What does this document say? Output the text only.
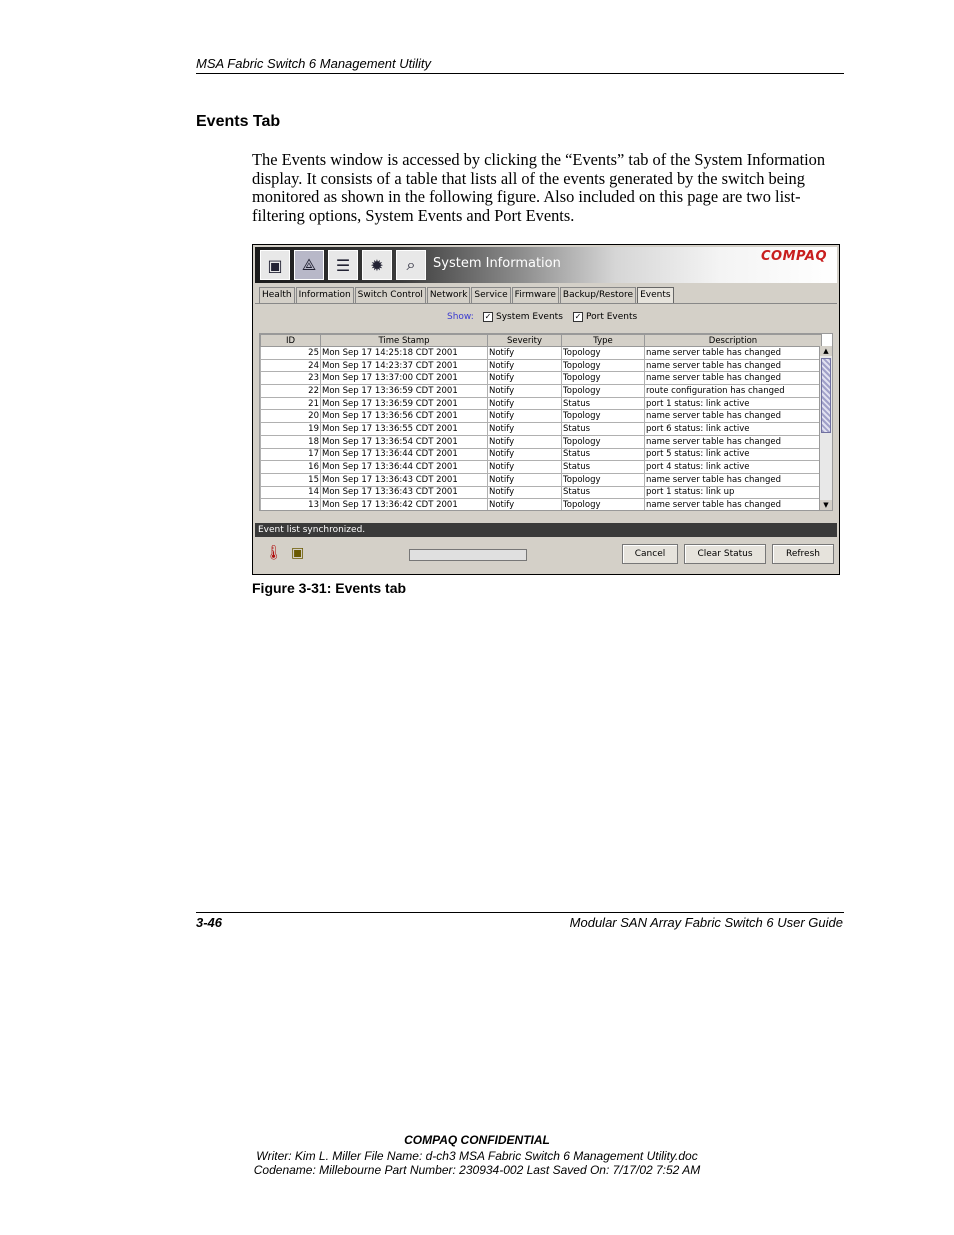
MSA Fabric Switch 6 Management Utility
Events Tab
The Events window is accessed by clicking the “Events” tab of the System Information display. It consists of a table that lists all of the events generated by the switch being monitored as shown in the following figure. Also included on this page are two list-filtering options, System Events and Port Events.
▣	⟁	☰	✹	⌕	System Information	COMPAQ
Health Information Switch Control Network Service Firmware Backup/Restore Events
Show: ✓ System Events ✓ Port Events
ID	Time Stamp	Severity	Type	Description
25	Mon Sep 17 14:25:18 CDT 2001	Notify	Topology	name server table has changed
24	Mon Sep 17 14:23:37 CDT 2001	Notify	Topology	name server table has changed
23	Mon Sep 17 13:37:00 CDT 2001	Notify	Topology	name server table has changed
22	Mon Sep 17 13:36:59 CDT 2001	Notify	Topology	route configuration has changed
21	Mon Sep 17 13:36:59 CDT 2001	Notify	Status	port 1 status: link active
20	Mon Sep 17 13:36:56 CDT 2001	Notify	Topology	name server table has changed
19	Mon Sep 17 13:36:55 CDT 2001	Notify	Status	port 6 status: link active
18	Mon Sep 17 13:36:54 CDT 2001	Notify	Topology	name server table has changed
17	Mon Sep 17 13:36:44 CDT 2001	Notify	Status	port 5 status: link active
16	Mon Sep 17 13:36:44 CDT 2001	Notify	Status	port 4 status: link active
15	Mon Sep 17 13:36:43 CDT 2001	Notify	Topology	name server table has changed
14	Mon Sep 17 13:36:43 CDT 2001	Notify	Status	port 1 status: link up
13	Mon Sep 17 13:36:42 CDT 2001	Notify	Topology	name server table has changed
▲
▼
Event list synchronized.
🌡︎ ▣	Cancel	Clear Status	Refresh
Figure 3-31: Events tab
3-46	Modular SAN Array Fabric Switch 6 User Guide
COMPAQ CONFIDENTIAL
Writer: Kim L. Miller File Name: d-ch3 MSA Fabric Switch 6 Management Utility.doc
Codename: Millebourne Part Number: 230934-002 Last Saved On: 7/17/02 7:52 AM
